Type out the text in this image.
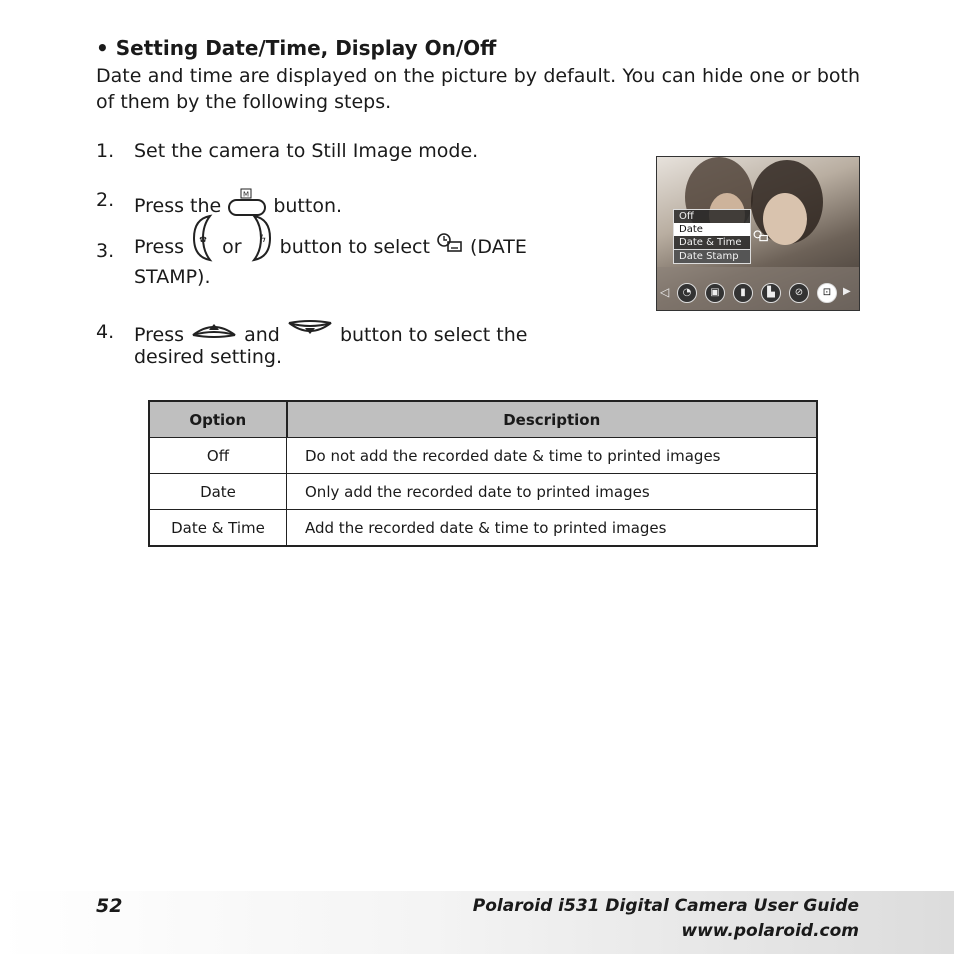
• Setting Date/Time, Display On/Off
Date and time are displayed on the picture by default. You can hide one or both of them by the following steps.
1. Set the camera to Still Image mode.
2. Press the
M
button.
3. Press ✿ or ϟ button to select (DATE
STAMP).
4. Press	and	button to select the
desired setting.
Off
Date
Date & Time
Date Stamp
◁	◔	▣	▮	▙	⊘	⊡	▶
Option	Description
Off	Do not add the recorded date & time to printed images
Date	Only add the recorded date to printed images
Date & Time	Add the recorded date & time to printed images
52	Polaroid i531 Digital Camera User Guide
www.polaroid.com
